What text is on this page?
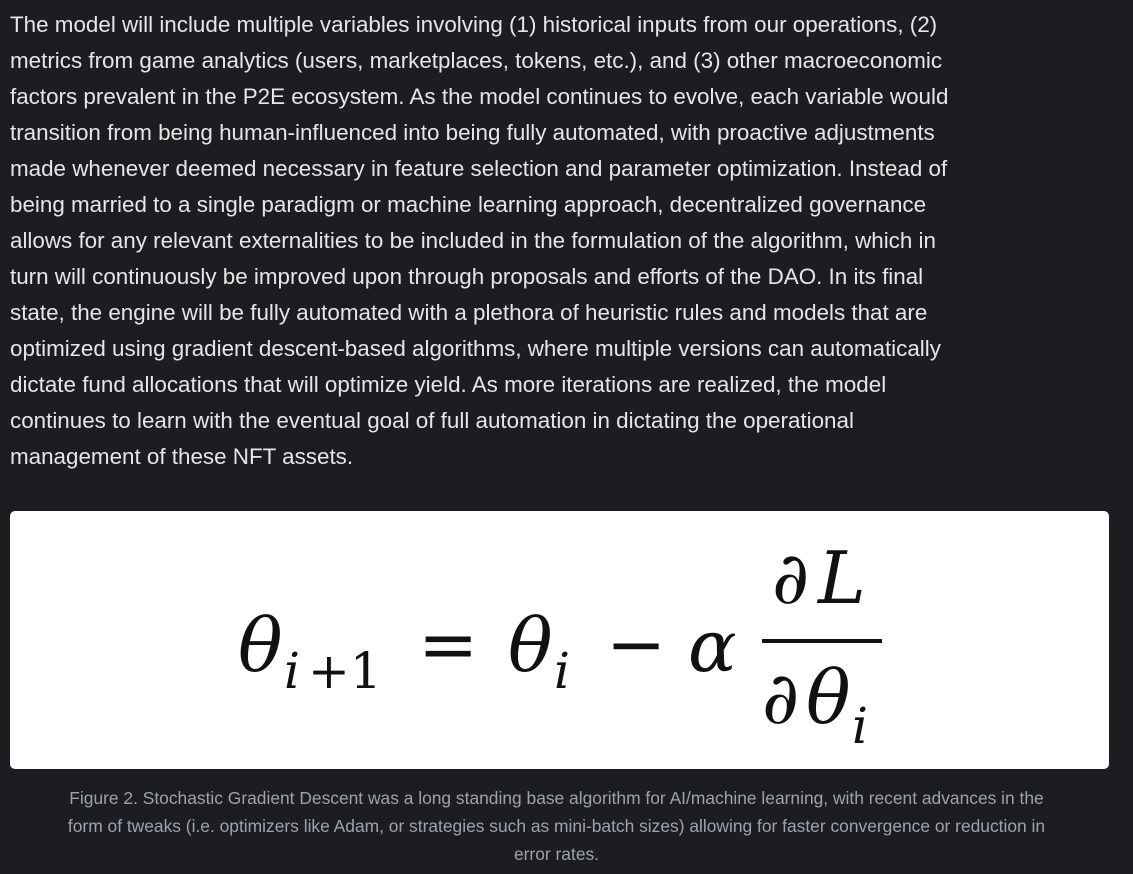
The model will include multiple variables involving (1) historical inputs from our operations, (2)
metrics from game analytics (users, marketplaces, tokens, etc.), and (3) other macroeconomic
factors prevalent in the P2E ecosystem. As the model continues to evolve, each variable would
transition from being human-influenced into being fully automated, with proactive adjustments
made whenever deemed necessary in feature selection and parameter optimization. Instead of
being married to a single paradigm or machine learning approach, decentralized governance
allows for any relevant externalities to be included in the formulation of the algorithm, which in
turn will continuously be improved upon through proposals and efforts of the DAO. In its final
state, the engine will be fully automated with a plethora of heuristic rules and models that are
optimized using gradient descent-based algorithms, where multiple versions can automatically
dictate fund allocations that will optimize yield. As more iterations are realized, the model
continues to learn with the eventual goal of full automation in dictating the operational
management of these NFT assets.
θ i +1 = θ i − α
∂ L
∂ θ i
Figure 2. Stochastic Gradient Descent was a long standing base algorithm for AI/machine learning, with recent advances in the
form of tweaks (i.e. optimizers like Adam, or strategies such as mini-batch sizes) allowing for faster convergence or reduction in
error rates.
